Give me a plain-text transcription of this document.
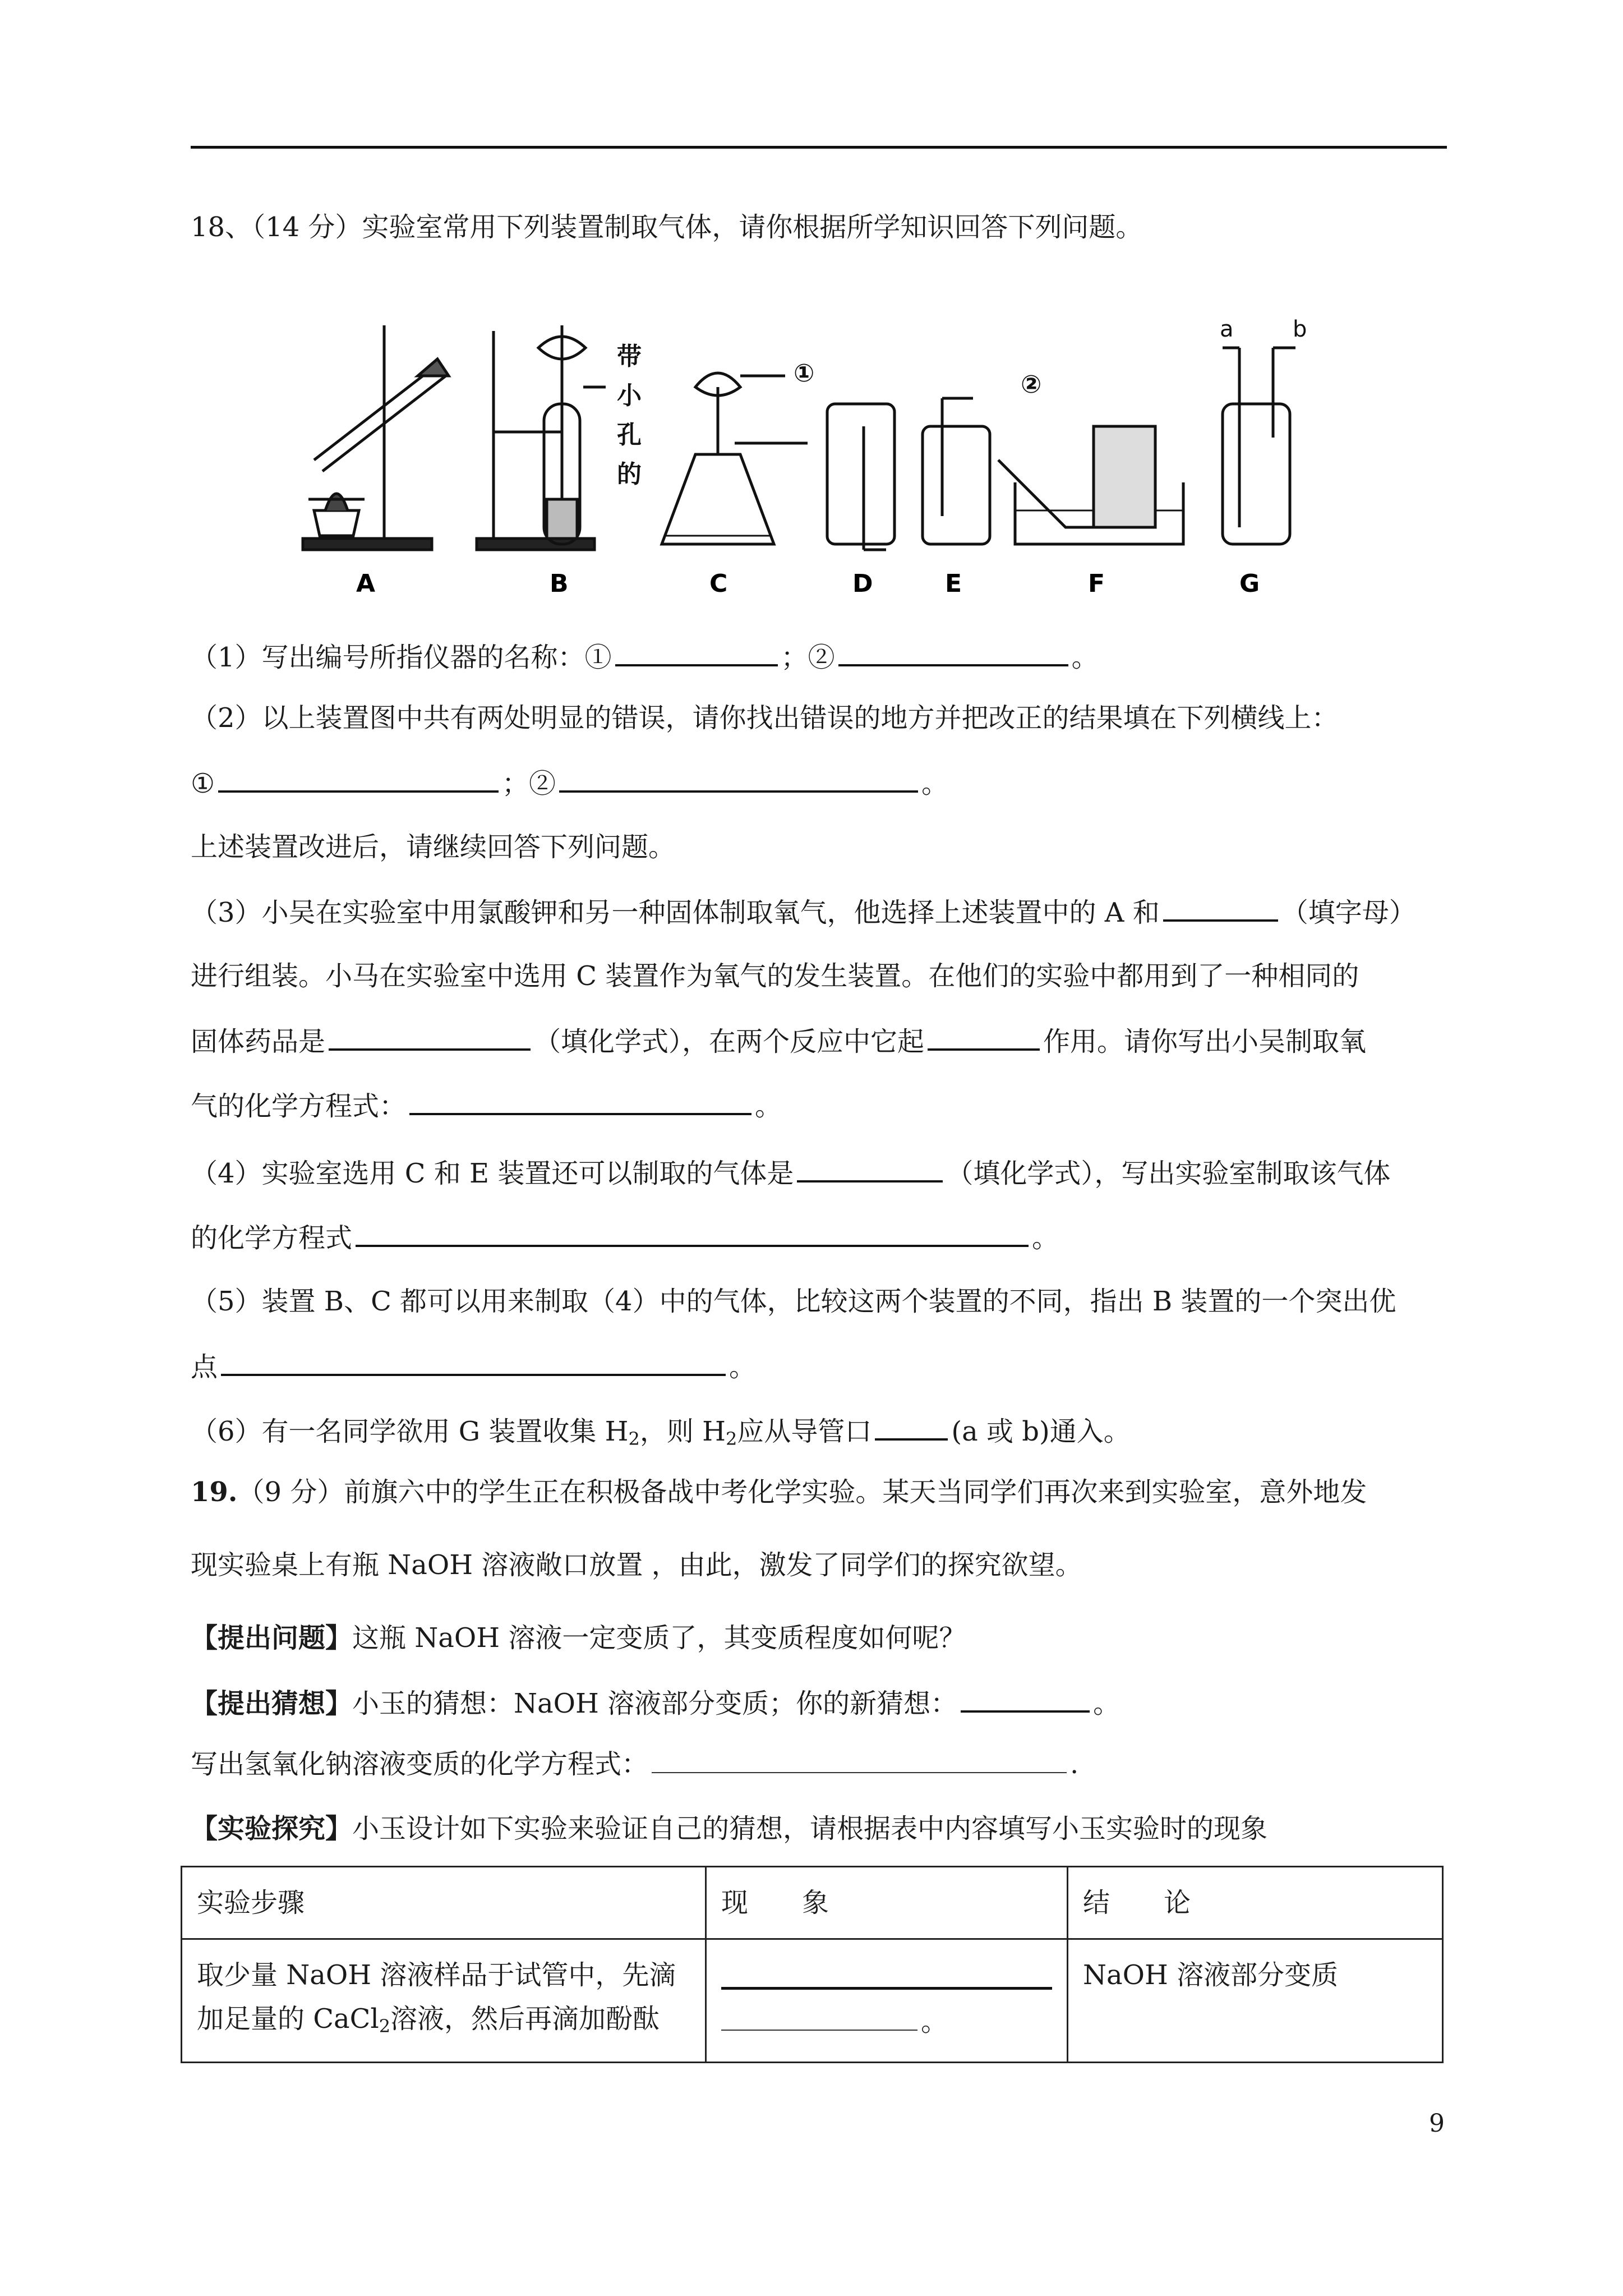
18、（14 分）实验室常用下列装置制取气体，请你根据所学知识回答下列问题。
带
小
孔
的
①	②
a	b
A	B	C	D	E	F	G
（1）写出编号所指仪器的名称：①	；②	。
（2）以上装置图中共有两处明显的错误，请你找出错误的地方并把改正的结果填在下列横线上：
①	；②	。
上述装置改进后，请继续回答下列问题。
（3）小吴在实验室中用氯酸钾和另一种固体制取氧气，他选择上述装置中的 A 和	（填字母）
进行组装。小马在实验室中选用 C 装置作为氧气的发生装置。在他们的实验中都用到了一种相同的
固体药品是	（填化学式），在两个反应中它起	作用。请你写出小吴制取氧
气的化学方程式：	。
（4）实验室选用 C 和 E 装置还可以制取的气体是	（填化学式），写出实验室制取该气体
的化学方程式	。
（5）装置 B、C 都可以用来制取（4）中的气体，比较这两个装置的不同，指出 B 装置的一个突出优
点	。
（6）有一名同学欲用 G 装置收集 $H_2$，则 $H_2$应从导管口	(a 或 b)通入。
19.（9 分）前旗六中的学生正在积极备战中考化学实验。某天当同学们再次来到实验室，意外地发
现实验桌上有瓶 NaOH 溶液敞口放置 ，由此，激发了同学们的探究欲望。
【提出问题】这瓶 NaOH 溶液一定变质了，其变质程度如何呢？
【提出猜想】小玉的猜想：NaOH 溶液部分变质；你的新猜想：	。
写出氢氧化钠溶液变质的化学方程式：	.
【实验探究】小玉设计如下实验来验证自己的猜想，请根据表中内容填写小玉实验时的现象
实验步骤	现　　象	结　　论

取少量 NaOH 溶液样品于试管中，先滴
加足量的 CaCl$_2$溶液，然后再滴加酚酞	。	NaOH 溶液部分变质
9
